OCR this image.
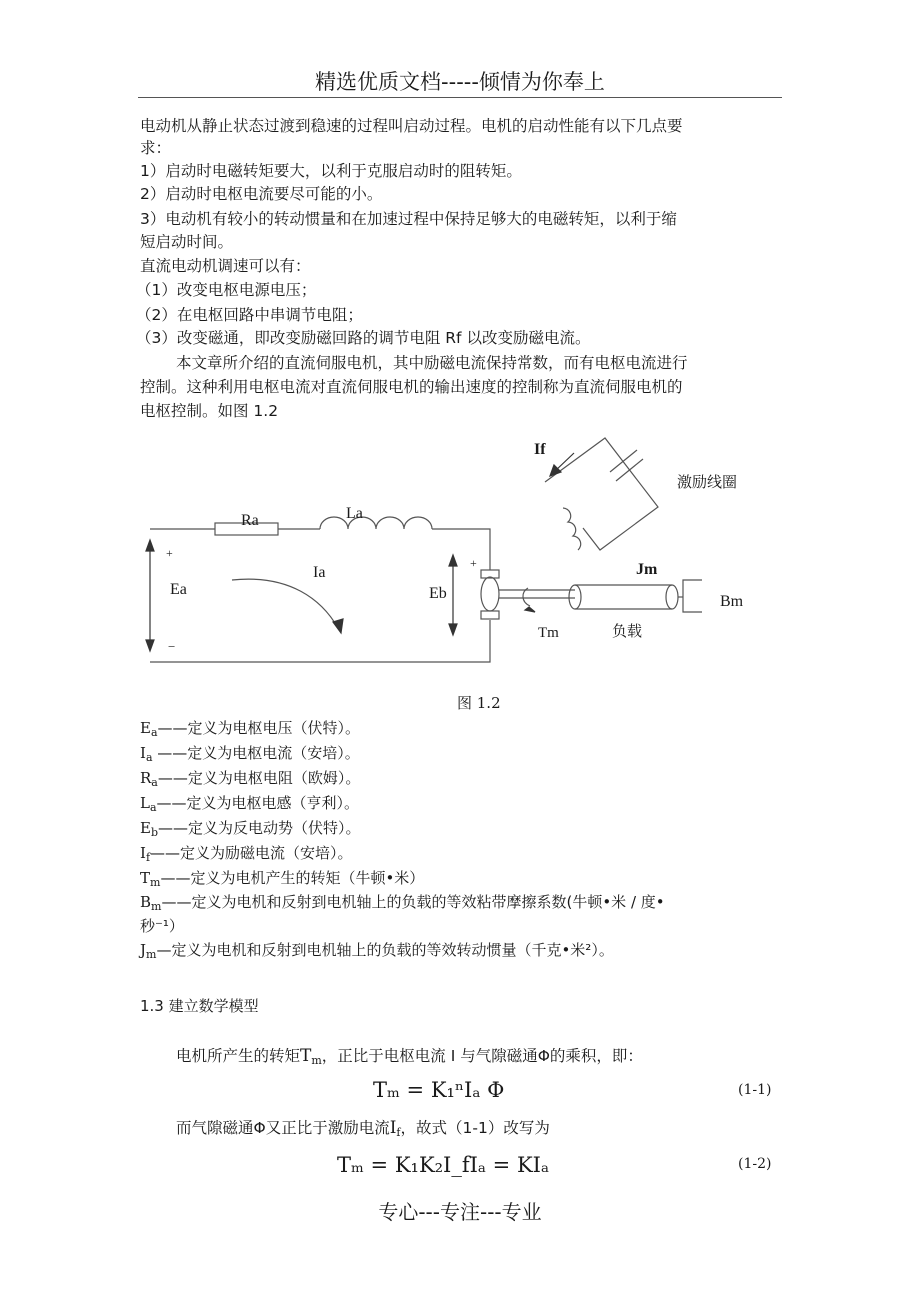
精选优质文档-----倾情为你奉上
电动机从静止状态过渡到稳速的过程叫启动过程。电机的启动性能有以下几点要
求：
1）启动时电磁转矩要大，以利于克服启动时的阻转矩。
2）启动时电枢电流要尽可能的小。
3）电动机有较小的转动惯量和在加速过程中保持足够大的电磁转矩，以利于缩
短启动时间。
直流电动机调速可以有：
（1）改变电枢电源电压；
（2）在电枢回路中串调节电阻；
（3）改变磁通，即改变励磁回路的调节电阻 Rf 以改变励磁电流。
本文章所介绍的直流伺服电机，其中励磁电流保持常数，而有电枢电流进行
控制。这种利用电枢电流对直流伺服电机的输出速度的控制称为直流伺服电机的
电枢控制。如图 1.2
If
激励线圈
Ra	La
+
Ea
Ia
−
+
Eb
Jm
Bm
Tm	负载
图 1.2
$E_a——$定义为电枢电压（伏特）。
$I_a$ ——定义为电枢电流（安培）。
$R_a——$定义为电枢电阻（欧姆）。
$L_a——$定义为电枢电感（亨利）。
$E_b——$定义为反电动势（伏特）。
$I_f——$定义为励磁电流（安培）。
$T_m——$定义为电机产生的转矩（牛顿•米）
$B_m——$定义为电机和反射到电机轴上的负载的等效粘带摩擦系数(牛顿•米 / 度•
$J_m—$定义为电机和反射到电机轴上的负载的等效转动惯量（千克•米²）。
秒⁻¹）
1.3 建立数学模型
电机所产生的转矩$T_m$，正比于电枢电流 I 与气隙磁通Φ的乘积，即：
Tₘ = K₁ⁿIₐ Φ	(1-1)
而气隙磁通Φ又正比于激励电流$I_f$，故式（1-1）改写为
Tₘ = K₁K₂I_fIₐ = KIₐ	(1-2)
专心---专注---专业
